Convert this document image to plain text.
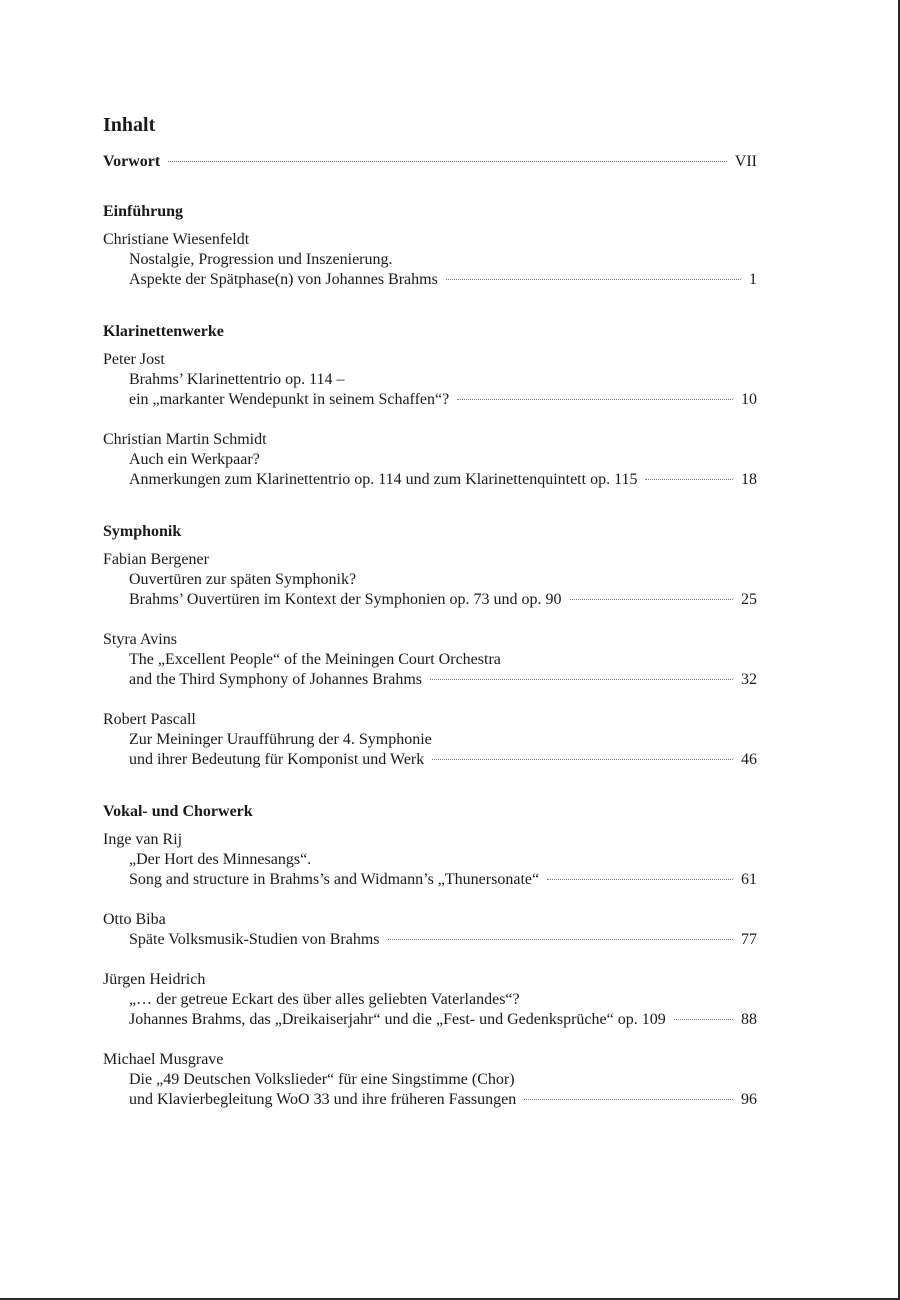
Inhalt
Vorwort	VII
Einführung
Christiane Wiesenfeldt
Nostalgie, Progression und Inszenierung.
Aspekte der Spätphase(n) von Johannes Brahms	1
Klarinettenwerke
Peter Jost
Brahms’ Klarinettentrio op. 114 –
ein „markanter Wendepunkt in seinem Schaffen“?	10
Christian Martin Schmidt
Auch ein Werkpaar?
Anmerkungen zum Klarinettentrio op. 114 und zum Klarinettenquintett op. 115	18
Symphonik
Fabian Bergener
Ouvertüren zur späten Symphonik?
Brahms’ Ouvertüren im Kontext der Symphonien op. 73 und op. 90	25
Styra Avins
The „Excellent People“ of the Meiningen Court Orchestra
and the Third Symphony of Johannes Brahms	32
Robert Pascall
Zur Meininger Uraufführung der 4. Symphonie
und ihrer Bedeutung für Komponist und Werk	46
Vokal- und Chorwerk
Inge van Rij
„Der Hort des Minnesangs“.
Song and structure in Brahms’s and Widmann’s „Thunersonate“	61
Otto Biba
Späte Volksmusik-Studien von Brahms	77
Jürgen Heidrich
„… der getreue Eckart des über alles geliebten Vaterlandes“?
Johannes Brahms, das „Dreikaiserjahr“ und die „Fest- und Gedenksprüche“ op. 109	88
Michael Musgrave
Die „49 Deutschen Volkslieder“ für eine Singstimme (Chor)
und Klavierbegleitung WoO 33 und ihre früheren Fassungen	96
